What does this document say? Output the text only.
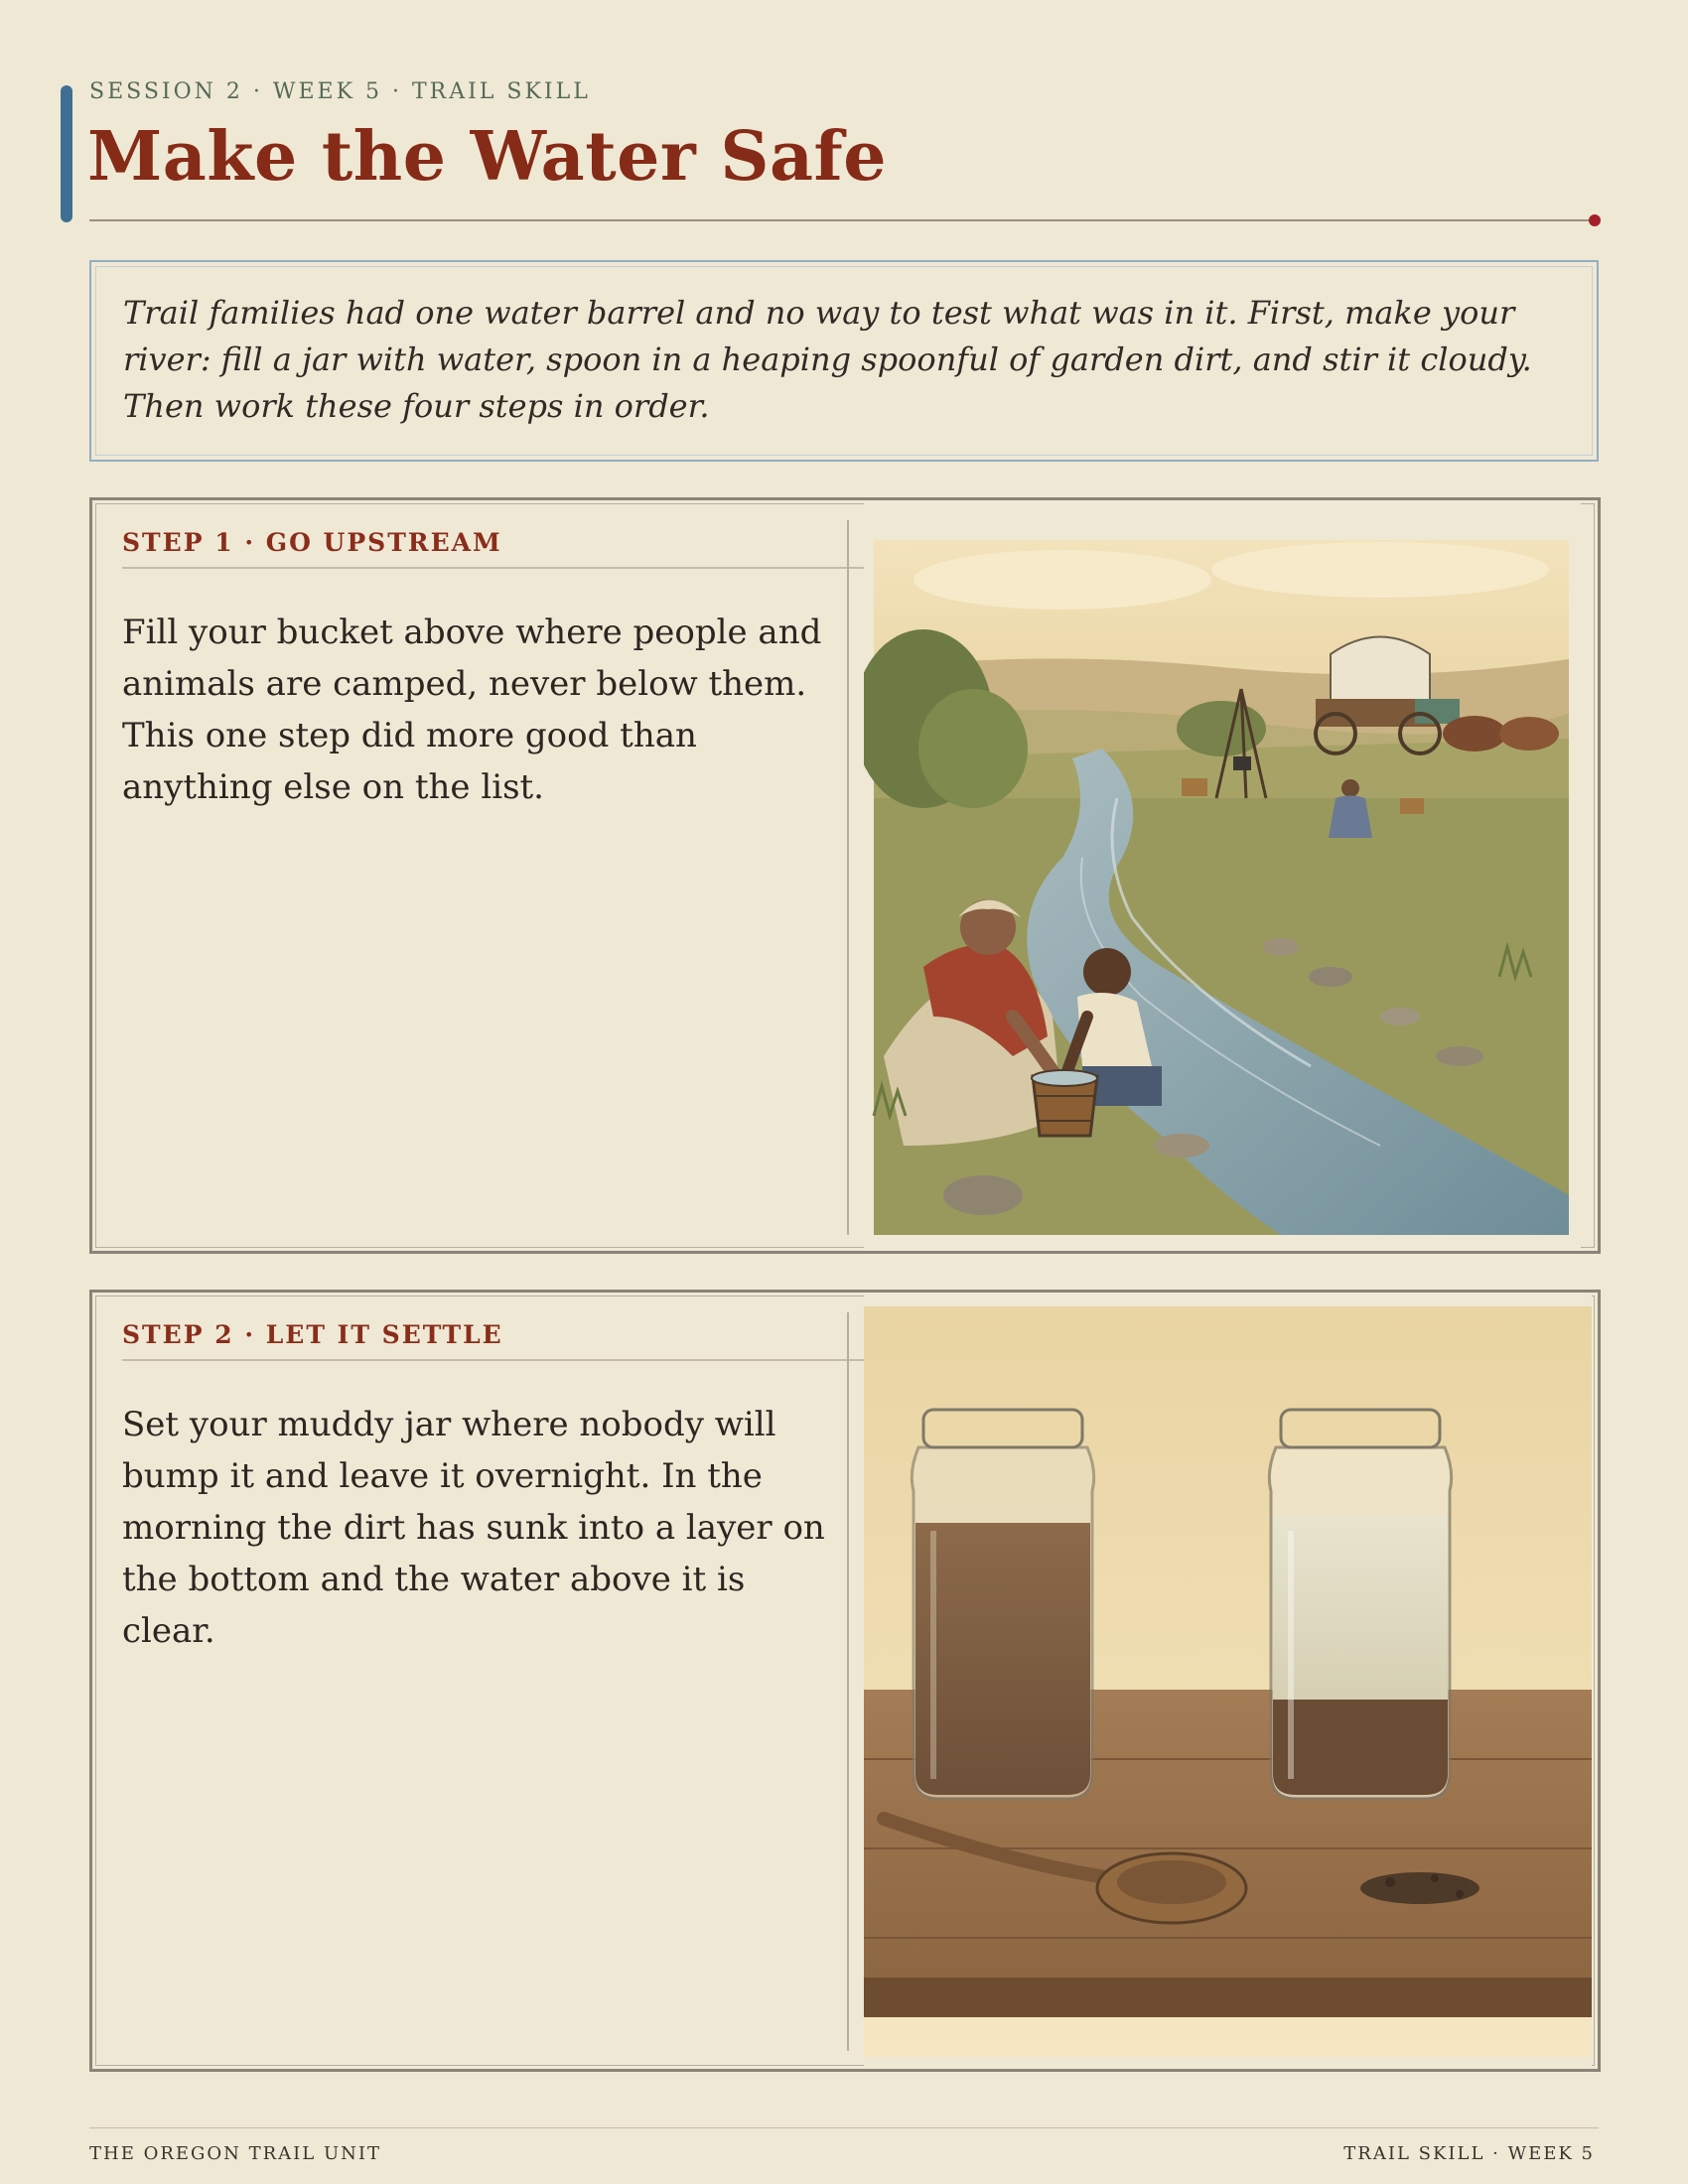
SESSION 2 · WEEK 5 · TRAIL SKILL
Make the Water Safe
Trail families had one water barrel and no way to test what was in it. First, make your river: fill a jar with water, spoon in a heaping spoonful of garden dirt, and stir it cloudy. Then work these four steps in order.
STEP 1 · GO UPSTREAM
Fill your bucket above where people and animals are camped, never below them. This one step did more good than anything else on the list.
STEP 2 · LET IT SETTLE
Set your muddy jar where nobody will bump it and leave it overnight. In the morning the dirt has sunk into a layer on the bottom and the water above it is clear.
THE OREGON TRAIL UNIT	TRAIL SKILL · WEEK 5
